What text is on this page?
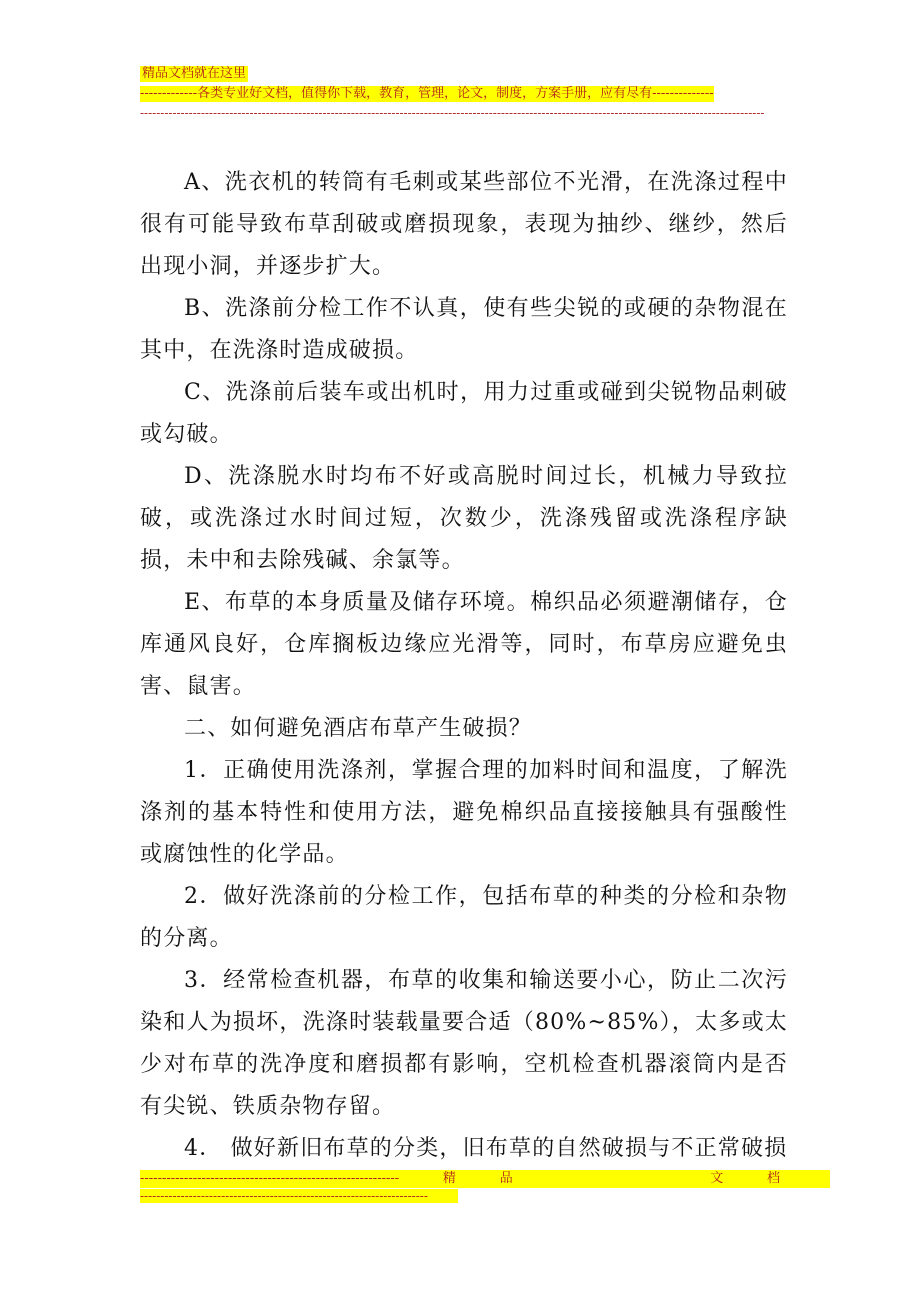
精品文档就在这里
-------------各类专业好文档，值得你下载，教育，管理，论文，制度，方案手册，应有尽有--------------
----------------------------------------------------------------------------------------------------------------------------------------------------------

A、洗衣机的转筒有毛刺或某些部位不光滑，在洗涤过程中很有可能导致布草刮破或磨损现象，表现为抽纱、继纱，然后出现小洞，并逐步扩大。

B、洗涤前分检工作不认真，使有些尖锐的或硬的杂物混在其中，在洗涤时造成破损。

C、洗涤前后装车或出机时，用力过重或碰到尖锐物品刺破或勾破。

D、洗涤脱水时均布不好或高脱时间过长，机械力导致拉破，或洗涤过水时间过短，次数少，洗涤残留或洗涤程序缺损，未中和去除残碱、余氯等。

E、布草的本身质量及储存环境。棉织品必须避潮储存，仓库通风良好，仓库搁板边缘应光滑等，同时，布草房应避免虫害、鼠害。

二、如何避免酒店布草产生破损？

1．正确使用洗涤剂，掌握合理的加料时间和温度，了解洗涤剂的基本特性和使用方法，避免棉织品直接接触具有强酸性或腐蚀性的化学品。

2．做好洗涤前的分检工作，包括布草的种类的分检和杂物的分离。

3．经常检查机器，布草的收集和输送要小心，防止二次污染和人为损坏，洗涤时装载量要合适（80%~85%），太多或太少对布草的洗净度和磨损都有影响，空机检查机器滚筒内是否有尖锐、铁质杂物存留。

4． 做好新旧布草的分类，旧布草的自然破损与不正常破损

-----------------------------------------------------------	精	品	文	档
-----------------------------------------------------------------------
